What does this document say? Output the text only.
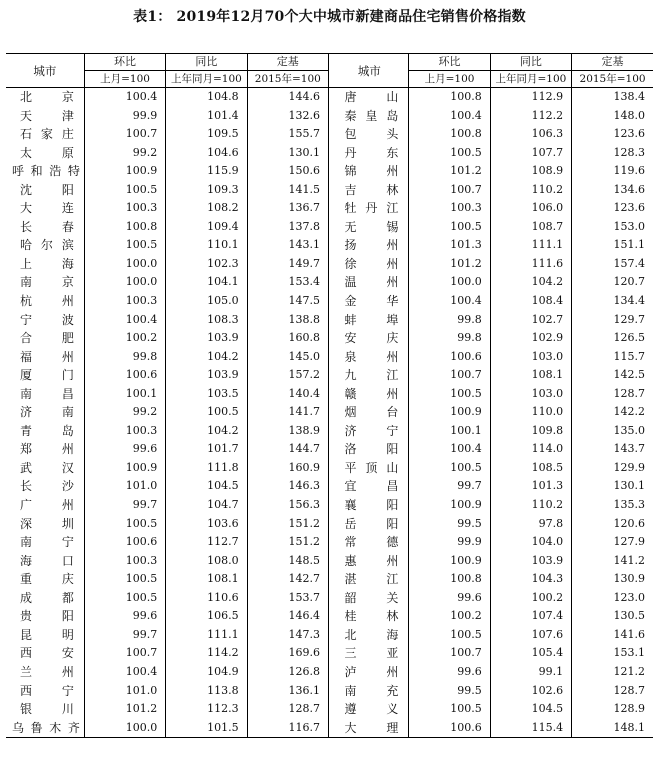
表1： 2019年12月70个大中城市新建商品住宅销售价格指数
城市	环比	同比	定基		城市	环比	同比	定基
	上月=100	上年同月=100	2015年=100			上月=100	上年同月=100	2015年=100
北　京	100.4	104.8	144.6		唐　山	100.8	112.9	138.4
天　津	99.9	101.4	132.6		秦皇岛	100.4	112.2	148.0
石家庄	100.7	109.5	155.7		包　头	100.8	106.3	123.6
太　原	99.2	104.6	130.1		丹　东	100.5	107.7	128.3
呼和浩特	100.9	115.9	150.6		锦　州	101.2	108.9	119.6
沈　阳	100.5	109.3	141.5		吉　林	100.7	110.2	134.6
大　连	100.3	108.2	136.7		牡丹江	100.3	106.0	123.6
长　春	100.8	109.4	137.8		无　锡	100.5	108.7	153.0
哈尔滨	100.5	110.1	143.1		扬　州	101.3	111.1	151.1
上　海	100.0	102.3	149.7		徐　州	101.2	111.6	157.4
南　京	100.0	104.1	153.4		温　州	100.0	104.2	120.7
杭　州	100.3	105.0	147.5		金　华	100.4	108.4	134.4
宁　波	100.4	108.3	138.8		蚌　埠	99.8	102.7	129.7
合　肥	100.2	103.9	160.8		安　庆	99.8	102.9	126.5
福　州	99.8	104.2	145.0		泉　州	100.6	103.0	115.7
厦　门	100.6	103.9	157.2		九　江	100.7	108.1	142.5
南　昌	100.1	103.5	140.4		赣　州	100.5	103.0	128.7
济　南	99.2	100.5	141.7		烟　台	100.9	110.0	142.2
青　岛	100.3	104.2	138.9		济　宁	100.1	109.8	135.0
郑　州	99.6	101.7	144.7		洛　阳	100.4	114.0	143.7
武　汉	100.9	111.8	160.9		平顶山	100.5	108.5	129.9
长　沙	101.0	104.5	146.3		宜　昌	99.7	101.3	130.1
广　州	99.7	104.7	156.3		襄　阳	100.9	110.2	135.3
深　圳	100.5	103.6	151.2		岳　阳	99.5	97.8	120.6
南　宁	100.6	112.7	151.2		常　德	99.9	104.0	127.9
海　口	100.3	108.0	148.5		惠　州	100.9	103.9	141.2
重　庆	100.5	108.1	142.7		湛　江	100.8	104.3	130.9
成　都	100.5	110.6	153.7		韶　关	99.6	100.2	123.0
贵　阳	99.6	106.5	146.4		桂　林	100.2	107.4	130.5
昆　明	99.7	111.1	147.3		北　海	100.5	107.6	141.6
西　安	100.7	114.2	169.6		三　亚	100.7	105.4	153.1
兰　州	100.4	104.9	126.8		泸　州	99.6	99.1	121.2
西　宁	101.0	113.8	136.1		南　充	99.5	102.6	128.7
银　川	101.2	112.3	128.7		遵　义	100.5	104.5	128.9
乌鲁木齐	100.0	101.5	116.7		大　理	100.6	115.4	148.1
